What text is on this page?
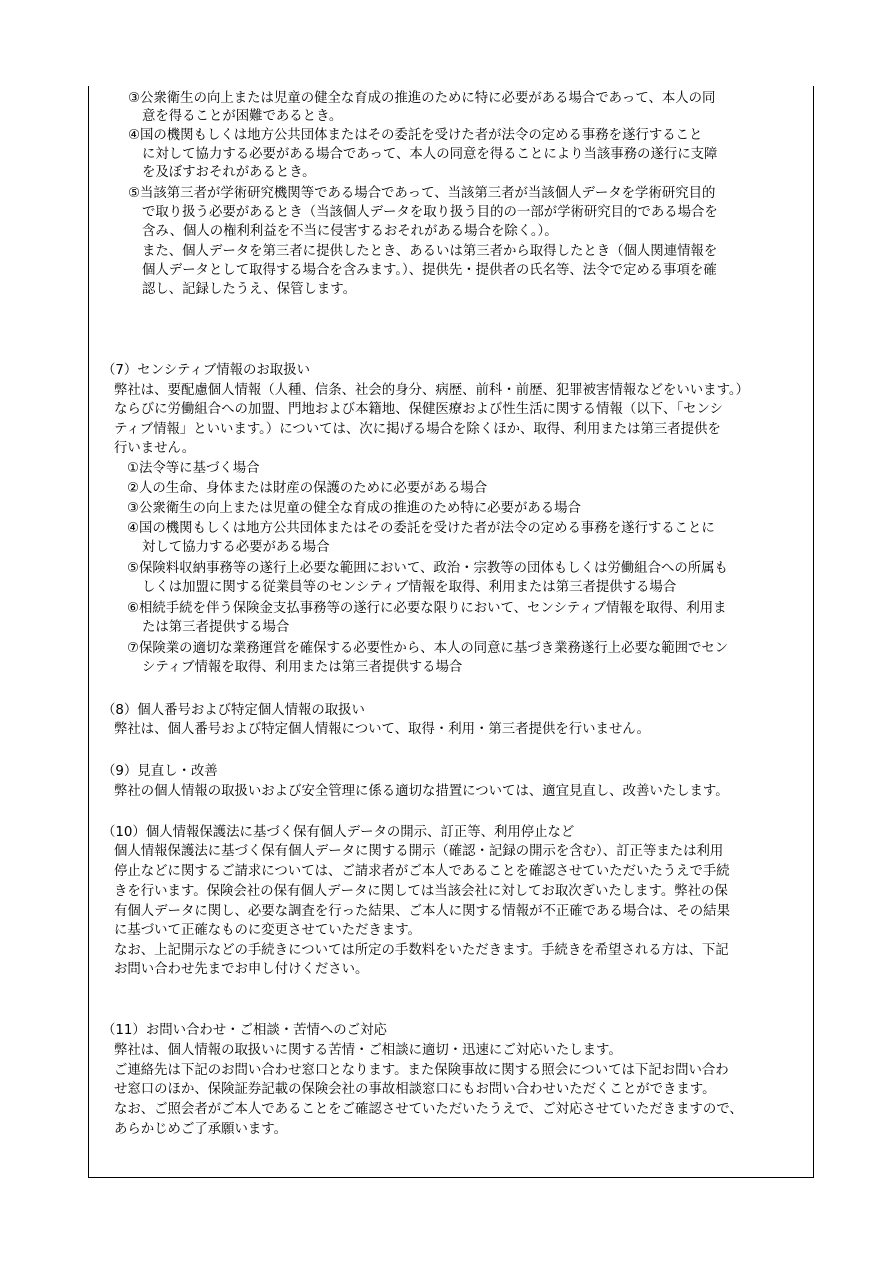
③公衆衛生の向上または児童の健全な育成の推進のために特に必要がある場合であって、本人の同

意を得ることが困難であるとき。

④国の機関もしくは地方公共団体またはその委託を受けた者が法令の定める事務を遂行すること

に対して協力する必要がある場合であって、本人の同意を得ることにより当該事務の遂行に支障

を及ぼすおそれがあるとき。

⑤当該第三者が学術研究機関等である場合であって、当該第三者が当該個人データを学術研究目的

で取り扱う必要があるとき（当該個人データを取り扱う目的の一部が学術研究目的である場合を

含み、個人の権利利益を不当に侵害するおそれがある場合を除く。）。

また、個人データを第三者に提供したとき、あるいは第三者から取得したとき（個人関連情報を

個人データとして取得する場合を含みます。）、提供先・提供者の氏名等、法令で定める事項を確

認し、記録したうえ、保管します。

（7）センシティブ情報のお取扱い

弊社は、要配慮個人情報（人種、信条、社会的身分、病歴、前科・前歴、犯罪被害情報などをいいます。）

ならびに労働組合への加盟、門地および本籍地、保健医療および性生活に関する情報（以下、「センシ

ティブ情報」といいます。）については、次に掲げる場合を除くほか、取得、利用または第三者提供を

行いません。

①法令等に基づく場合

②人の生命、身体または財産の保護のために必要がある場合

③公衆衛生の向上または児童の健全な育成の推進のため特に必要がある場合

④国の機関もしくは地方公共団体またはその委託を受けた者が法令の定める事務を遂行することに

対して協力する必要がある場合

⑤保険料収納事務等の遂行上必要な範囲において、政治・宗教等の団体もしくは労働組合への所属も

しくは加盟に関する従業員等のセンシティブ情報を取得、利用または第三者提供する場合

⑥相続手続を伴う保険金支払事務等の遂行に必要な限りにおいて、センシティブ情報を取得、利用ま

たは第三者提供する場合

⑦保険業の適切な業務運営を確保する必要性から、本人の同意に基づき業務遂行上必要な範囲でセン

シティブ情報を取得、利用または第三者提供する場合

（8）個人番号および特定個人情報の取扱い

弊社は、個人番号および特定個人情報について、取得・利用・第三者提供を行いません。

（9）見直し・改善

弊社の個人情報の取扱いおよび安全管理に係る適切な措置については、適宜見直し、改善いたします。

（10）個人情報保護法に基づく保有個人データの開示、訂正等、利用停止など

個人情報保護法に基づく保有個人データに関する開示（確認・記録の開示を含む）、訂正等または利用

停止などに関するご請求については、ご請求者がご本人であることを確認させていただいたうえで手続

きを行います。保険会社の保有個人データに関しては当該会社に対してお取次ぎいたします。弊社の保

有個人データに関し、必要な調査を行った結果、ご本人に関する情報が不正確である場合は、その結果

に基づいて正確なものに変更させていただきます。

なお、上記開示などの手続きについては所定の手数料をいただきます。手続きを希望される方は、下記

お問い合わせ先までお申し付けください。

（11）お問い合わせ・ご相談・苦情へのご対応

弊社は、個人情報の取扱いに関する苦情・ご相談に適切・迅速にご対応いたします。

ご連絡先は下記のお問い合わせ窓口となります。また保険事故に関する照会については下記お問い合わ

せ窓口のほか、保険証券記載の保険会社の事故相談窓口にもお問い合わせいただくことができます。

なお、ご照会者がご本人であることをご確認させていただいたうえで、ご対応させていただきますので、

あらかじめご了承願います。
